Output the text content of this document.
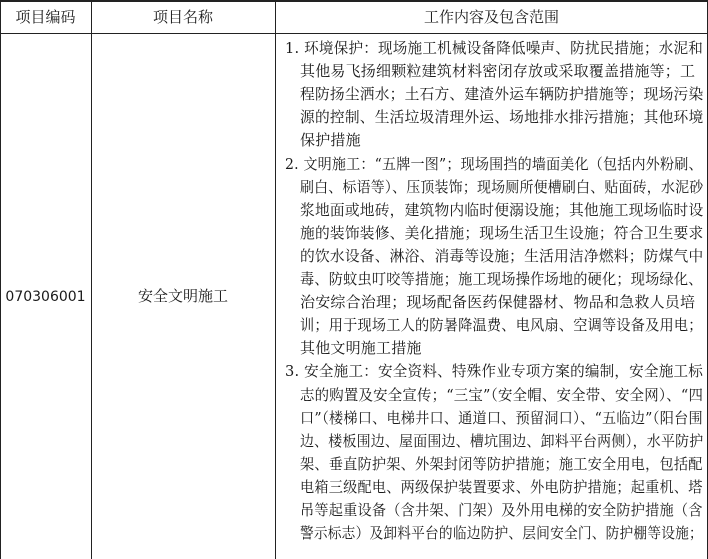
项目编码	项目名称	工作内容及包含范围
070306001	安全文明施工
1. 环境保护：现场施工机械设备降低噪声、防扰民措施；水泥和
其他易飞扬细颗粒建筑材料密闭存放或采取覆盖措施等；工
程防扬尘洒水；土石方、建渣外运车辆防护措施等；现场污染
源的控制、生活垃圾清理外运、场地排水排污措施；其他环境
保护措施
2. 文明施工：“五牌一图”；现场围挡的墙面美化（包括内外粉刷、
刷白、标语等）、压顶装饰；现场厕所便槽刷白、贴面砖，水泥砂
浆地面或地砖，建筑物内临时便溺设施；其他施工现场临时设
施的装饰装修、美化措施；现场生活卫生设施；符合卫生要求
的饮水设备、淋浴、消毒等设施；生活用洁净燃料；防煤气中
毒、防蚊虫叮咬等措施；施工现场操作场地的硬化；现场绿化、
治安综合治理；现场配备医药保健器材、物品和急救人员培
训；用于现场工人的防暑降温费、电风扇、空调等设备及用电；
其他文明施工措施
3. 安全施工：安全资料、特殊作业专项方案的编制，安全施工标
志的购置及安全宣传；“三宝”（安全帽、安全带、安全网）、“四
口”（楼梯口、电梯井口、通道口、预留洞口）、“五临边”（阳台围
边、楼板围边、屋面围边、槽坑围边、卸料平台两侧），水平防护
架、垂直防护架、外架封闭等防护措施；施工安全用电，包括配
电箱三级配电、两级保护装置要求、外电防护措施；起重机、塔
吊等起重设备（含井架、门架）及外用电梯的安全防护措施（含
警示标志）及卸料平台的临边防护、层间安全门、防护棚等设施；
